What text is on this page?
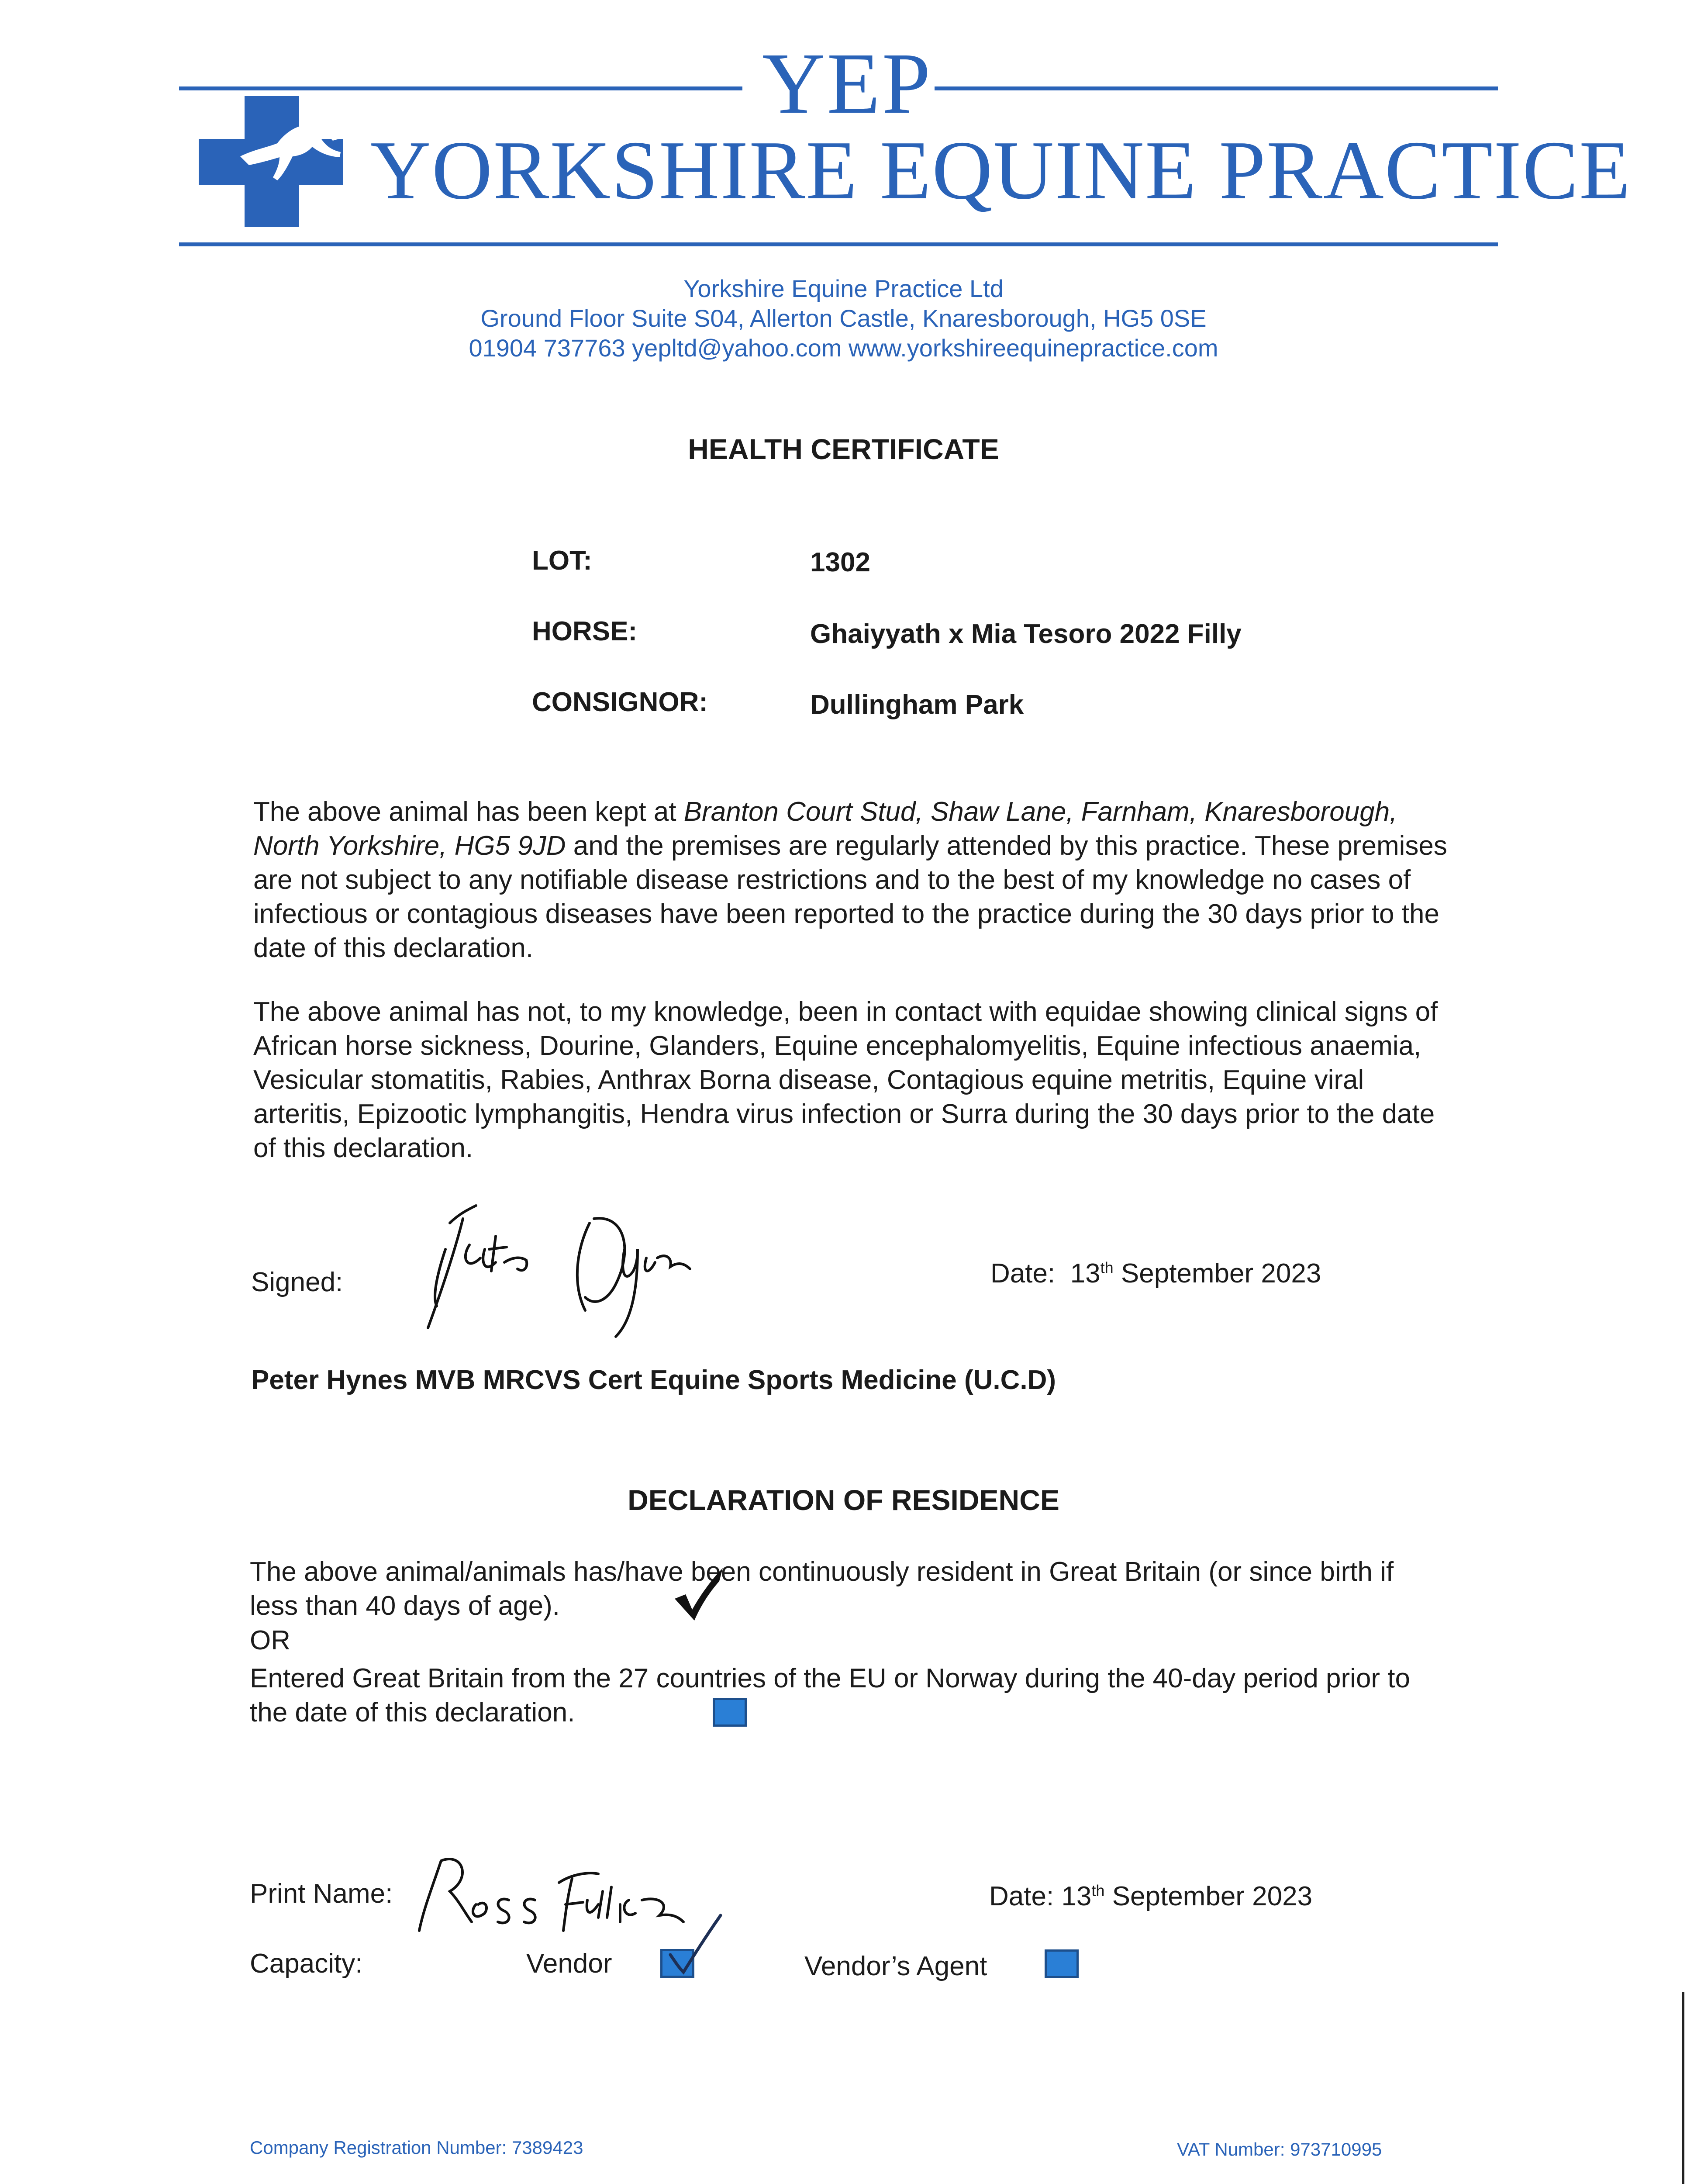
YEP
YORKSHIRE EQUINE PRACTICE
Yorkshire Equine Practice Ltd
Ground Floor Suite S04, Allerton Castle, Knaresborough, HG5 0SE
01904 737763 yepltd@yahoo.com www.yorkshireequinepractice.com
HEALTH CERTIFICATE
LOT:	1302
HORSE:	Ghaiyyath x Mia Tesoro 2022 Filly
CONSIGNOR:	Dullingham Park
The above animal has been kept at Branton Court Stud, Shaw Lane, Farnham, Knaresborough, North Yorkshire, HG5 9JD and the premises are regularly attended by this practice. These premises are not subject to any notifiable disease restrictions and to the best of my knowledge no cases of infectious or contagious diseases have been reported to the practice during the 30 days prior to the date of this declaration.
The above animal has not, to my knowledge, been in contact with equidae showing clinical signs of African horse sickness, Dourine, Glanders, Equine encephalomyelitis, Equine infectious anaemia, Vesicular stomatitis, Rabies, Anthrax Borna disease, Contagious equine metritis, Equine viral arteritis, Epizootic lymphangitis, Hendra virus infection or Surra during the 30 days prior to the date of this declaration.
Signed:	Date: 13th September 2023
Peter Hynes MVB MRCVS Cert Equine Sports Medicine (U.C.D)
DECLARATION OF RESIDENCE
The above animal/animals has/have been continuously resident in Great Britain (or since birth if less than 40 days of age).
OR
Entered Great Britain from the 27 countries of the EU or Norway during the 40-day period prior to the date of this declaration.
Print Name:	Date: 13th September 2023
Capacity:	Vendor	Vendor’s Agent
Company Registration Number: 7389423	VAT Number: 973710995
